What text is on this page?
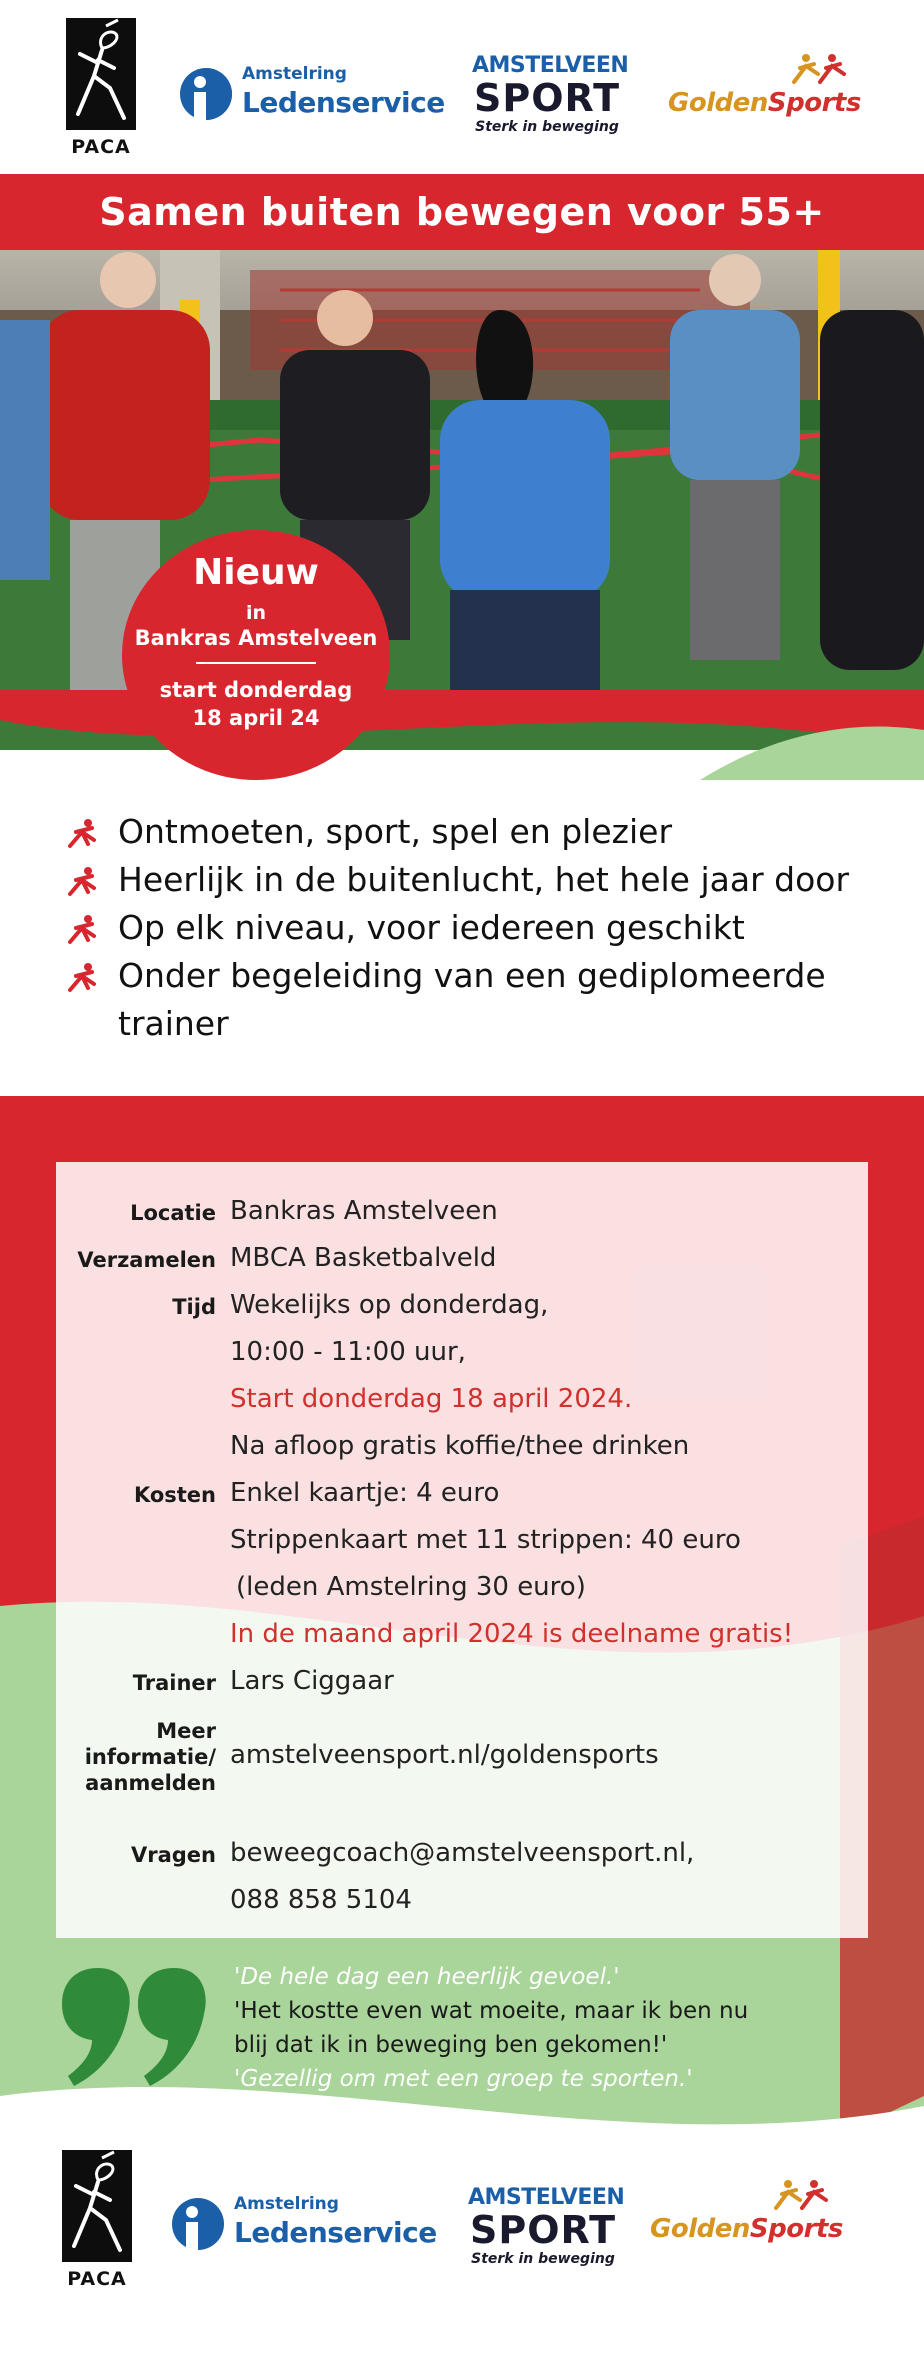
PACA
Amstelring
Ledenservice
AMSTELVEEN
SPORT
Sterk in beweging
GoldenSports
Samen buiten bewegen voor 55+
Nieuw
in
Bankras Amstelveen
start donderdag
18 april 24
Ontmoeten, sport, spel en plezier
Heerlijk in de buitenlucht, het hele jaar door
Op elk niveau, voor iedereen geschikt
Onder begeleiding van een gediplomeerde trainer
Locatie Bankras Amstelveen
Verzamelen MBCA Basketbalveld
Tijd Wekelijks op donderdag,
10:00 - 11:00 uur,
Start donderdag 18 april 2024.
Na afloop gratis koffie/thee drinken
Kosten Enkel kaartje: 4 euro
Strippenkaart met 11 strippen: 40 euro
(leden Amstelring 30 euro)
In de maand april 2024 is deelname gratis!
Trainer Lars Ciggaar
Meer
informatie/
aanmelden
amstelveensport.nl/goldensports
Vragen beweegcoach@amstelveensport.nl,
088 858 5104
'De hele dag een heerlijk gevoel.'
'Het kostte even wat moeite, maar ik ben nu
blij dat ik in beweging ben gekomen!'
'Gezellig om met een groep te sporten.'
PACA
Amstelring
Ledenservice
AMSTELVEEN
SPORT
Sterk in beweging
GoldenSports
